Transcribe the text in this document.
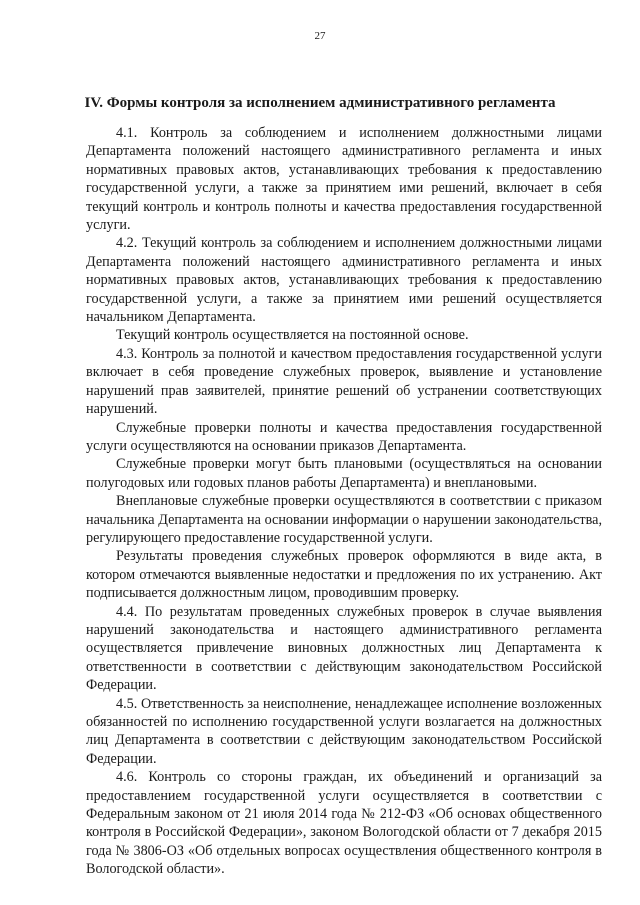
27
IV. Формы контроля за исполнением административного регламента

4.1. Контроль за соблюдением и исполнением должностными лицами Департамента положений настоящего административного регламента и иных нормативных правовых актов, устанавливающих требования к предоставлению государственной услуги, а также за принятием ими решений, включает в себя текущий контроль и контроль полноты и качества предоставления государственной услуги.

4.2. Текущий контроль за соблюдением и исполнением должностными лицами Департамента положений настоящего административного регламента и иных нормативных правовых актов, устанавливающих требования к предоставлению государственной услуги, а также за принятием ими решений осуществляется начальником Департамента.

Текущий контроль осуществляется на постоянной основе.

4.3. Контроль за полнотой и качеством предоставления государственной услуги включает в себя проведение служебных проверок, выявление и установление нарушений прав заявителей, принятие решений об устранении соответствующих нарушений.

Служебные проверки полноты и качества предоставления государственной услуги осуществляются на основании приказов Департамента.

Служебные проверки могут быть плановыми (осуществляться на основании полугодовых или годовых планов работы Департамента) и внеплановыми.

Внеплановые служебные проверки осуществляются в соответствии с приказом начальника Департамента на основании информации о нарушении законодательства, регулирующего предоставление государственной услуги.

Результаты проведения служебных проверок оформляются в виде акта, в котором отмечаются выявленные недостатки и предложения по их устранению. Акт подписывается должностным лицом, проводившим проверку.

4.4. По результатам проведенных служебных проверок в случае выявления нарушений законодательства и настоящего административного регламента осуществляется привлечение виновных должностных лиц Департамента к ответственности в соответствии с действующим законодательством Российской Федерации.

4.5. Ответственность за неисполнение, ненадлежащее исполнение возложенных обязанностей по исполнению государственной услуги возлагается на должностных лиц Департамента в соответствии с действующим законодательством Российской Федерации.

4.6. Контроль со стороны граждан, их объединений и организаций за предоставлением государственной услуги осуществляется в соответствии с Федеральным законом от 21 июля 2014 года № 212-ФЗ «Об основах общественного контроля в Российской Федерации», законом Вологодской области от 7 декабря 2015 года № 3806-ОЗ «Об отдельных вопросах осуществления общественного контроля в Вологодской области».
